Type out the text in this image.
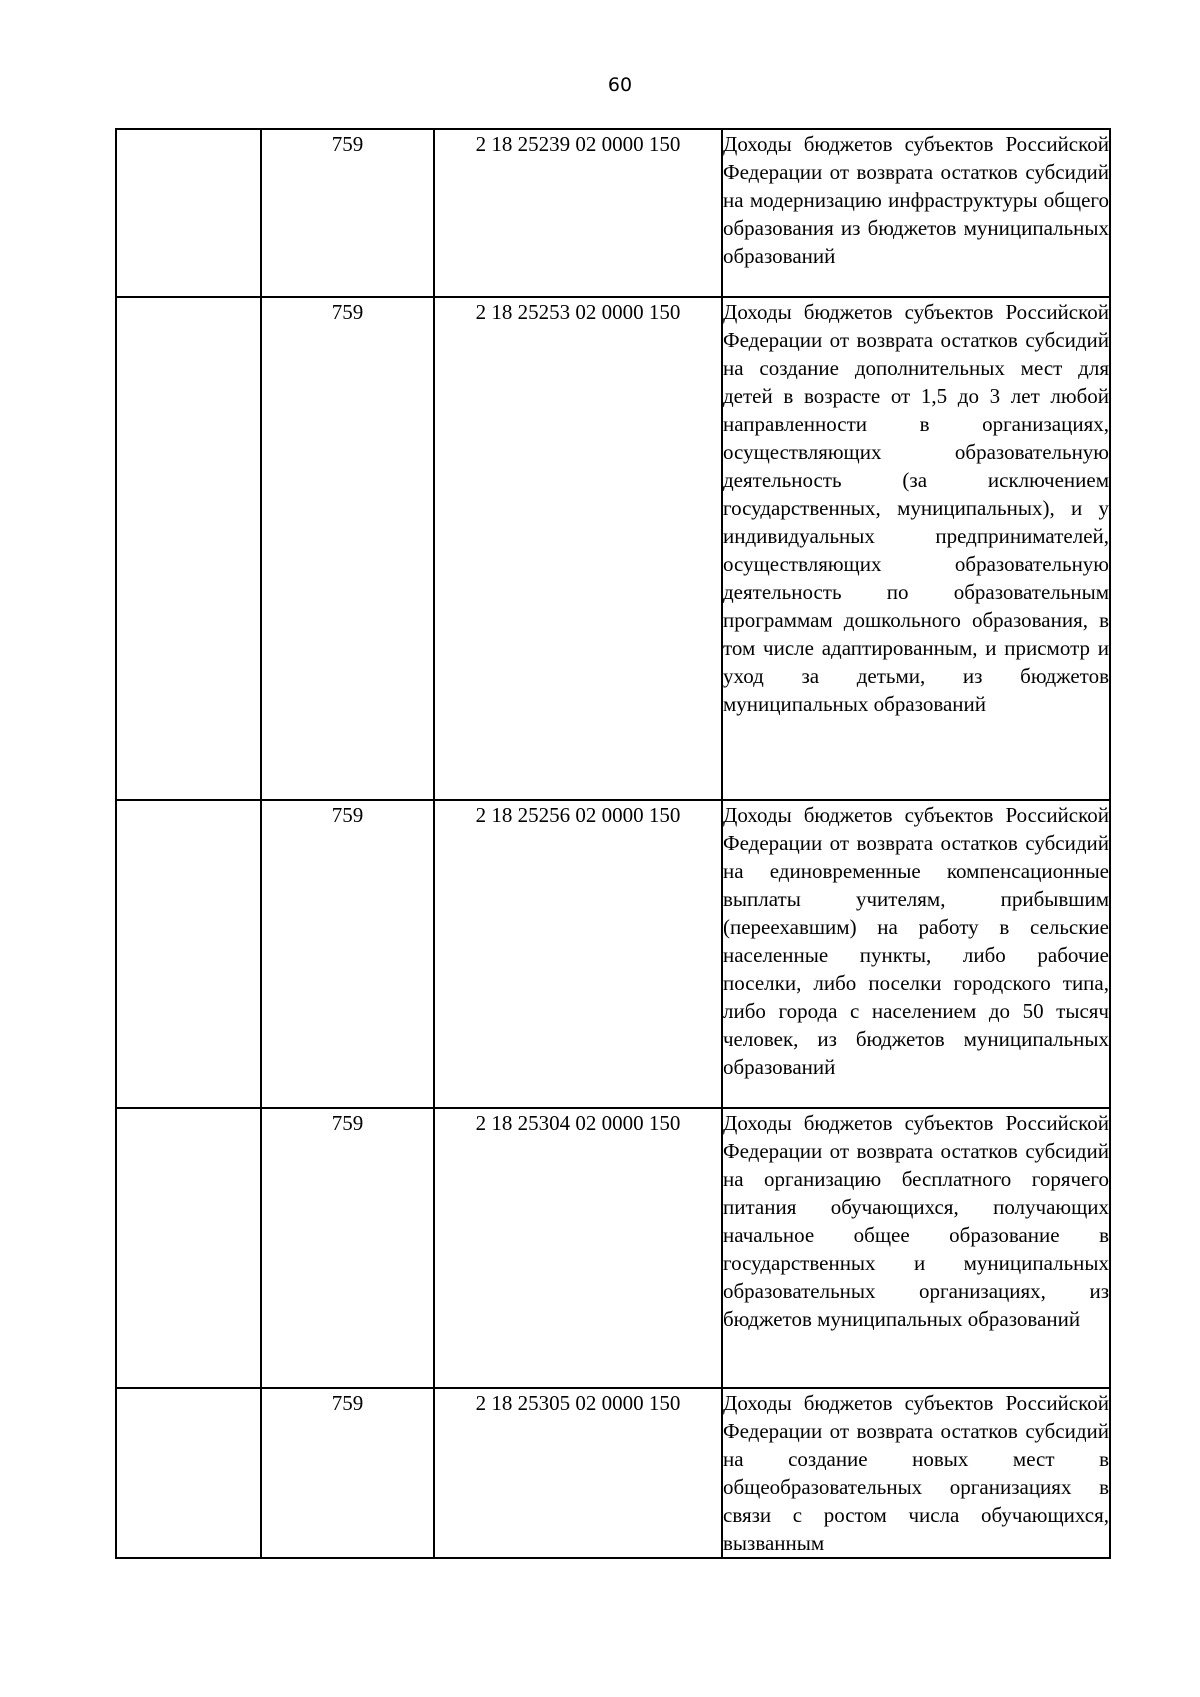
60
	759	2 18 25239 02 0000 150	Доходы бюджетов субъектов Российской Федерации от возврата остатков субсидий на модернизацию инфраструктуры общего образования из бюджетов муниципальных образований
	759	2 18 25253 02 0000 150	Доходы бюджетов субъектов Российской Федерации от возврата остатков субсидий на создание дополнительных мест для детей в возрасте от 1,5 до 3 лет любой направленности в организациях, осуществляющих образовательную деятельность (за исключением государственных, муниципальных), и у индивидуальных предпринимателей, осуществляющих образовательную деятельность по образовательным программам дошкольного образования, в том числе адаптированным, и присмотр и уход за детьми, из бюджетов муниципальных образований
	759	2 18 25256 02 0000 150	Доходы бюджетов субъектов Российской Федерации от возврата остатков субсидий на единовременные компенсационные выплаты учителям, прибывшим (переехавшим) на работу в сельские населенные пункты, либо рабочие поселки, либо поселки городского типа, либо города с населением до 50 тысяч человек, из бюджетов муниципальных образований
	759	2 18 25304 02 0000 150	Доходы бюджетов субъектов Российской Федерации от возврата остатков субсидий на организацию бесплатного горячего питания обучающихся, получающих начальное общее образование в государственных и муниципальных образовательных организациях, из бюджетов муниципальных образований
	759	2 18 25305 02 0000 150	Доходы бюджетов субъектов Российской Федерации от возврата остатков субсидий на создание новых мест в общеобразовательных организациях в связи с ростом числа обучающихся, вызванным
